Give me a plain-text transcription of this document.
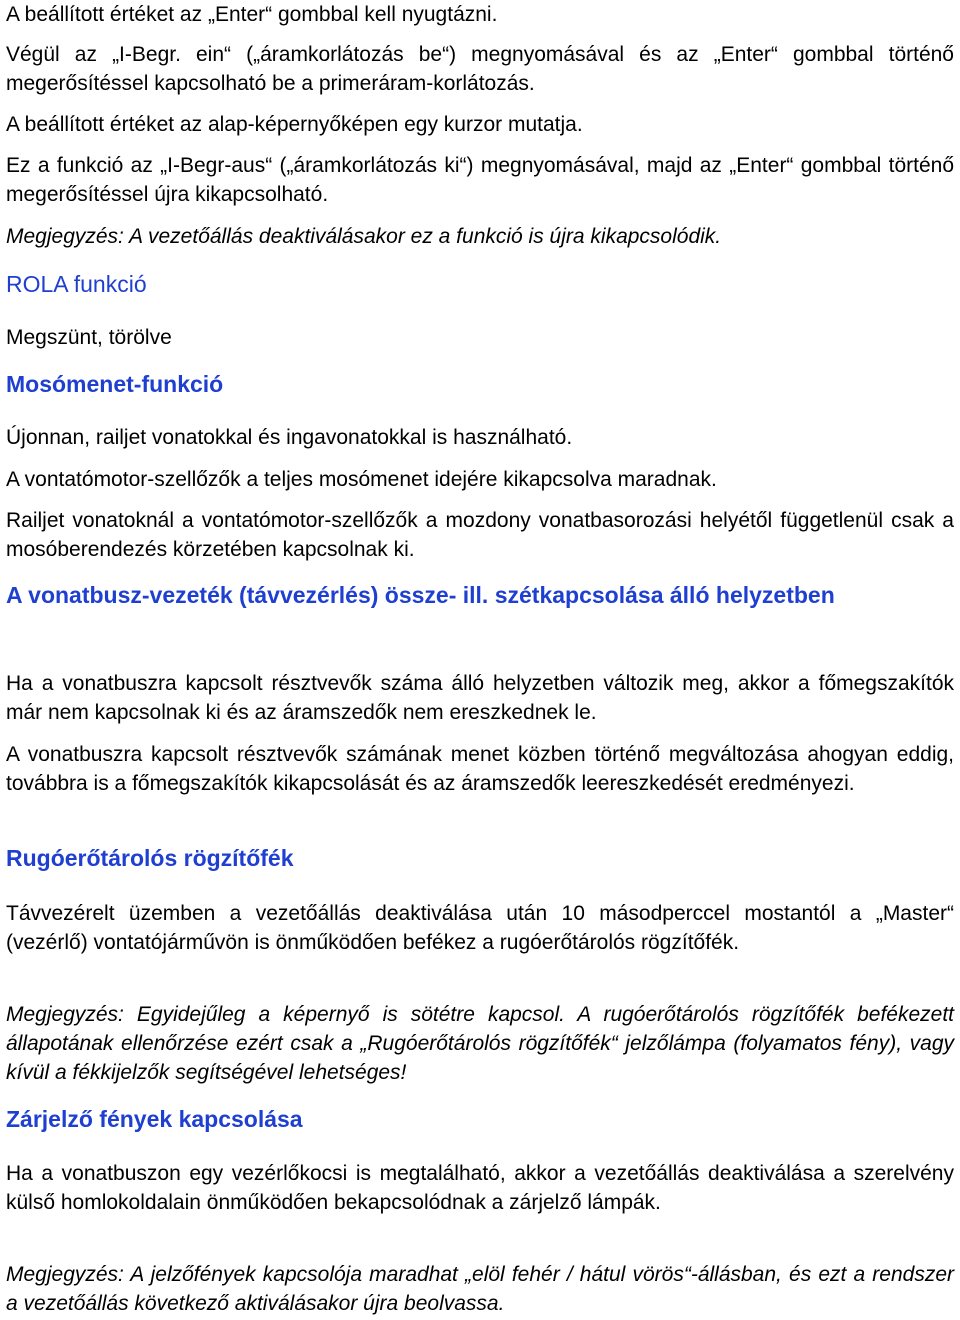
A beállított értéket az „Enter“ gombbal kell nyugtázni.

Végül az „I-Begr. ein“ („áramkorlátozás be“) megnyomásával és az „Enter“ gombbal történő megerősítéssel kapcsolható be a primeráram-korlátozás.

A beállított értéket az alap-képernyőképen egy kurzor mutatja.

Ez a funkció az „I-Begr-aus“ („áramkorlátozás ki“) megnyomásával, majd az „Enter“ gombbal történő megerősítéssel újra kikapcsolható.

Megjegyzés: A vezetőállás deaktiválásakor ez a funkció is újra kikapcsolódik.

ROLA funkció

Megszünt, törölve

Mosómenet-funkció

Újonnan, railjet vonatokkal és ingavonatokkal is használható.

A vontatómotor-szellőzők a teljes mosómenet idejére kikapcsolva maradnak.

Railjet vonatoknál a vontatómotor-szellőzők a mozdony vonatbasorozási helyétől függetlenül csak a mosóberendezés körzetében kapcsolnak ki.

A vonatbusz-vezeték (távvezérlés) össze- ill. szétkapcsolása álló helyzetben

Ha a vonatbuszra kapcsolt résztvevők száma álló helyzetben változik meg, akkor a főmegszakítók már nem kapcsolnak ki és az áramszedők nem ereszkednek le.

A vonatbuszra kapcsolt résztvevők számának menet közben történő megváltozása ahogyan eddig, továbbra is a főmegszakítók kikapcsolását és az áramszedők leereszkedését eredményezi.

Rugóerőtárolós rögzítőfék

Távvezérelt üzemben a vezetőállás deaktiválása után 10 másodperccel mostantól a „Master“ (vezérlő) vontatójárművön is önműködően befékez a rugóerőtárolós rögzítőfék.

Megjegyzés: Egyidejűleg a képernyő is sötétre kapcsol. A rugóerőtárolós rögzítőfék befékezett állapotának ellenőrzése ezért csak a „Rugóerőtárolós rögzítőfék“ jelzőlámpa (folyamatos fény), vagy kívül a fékkijelzők segítségével lehetséges!

Zárjelző fények kapcsolása

Ha a vonatbuszon egy vezérlőkocsi is megtalálható, akkor a vezetőállás deaktiválása a szerelvény külső homlokoldalain önműködően bekapcsolódnak a zárjelző lámpák.

Megjegyzés: A jelzőfények kapcsolója maradhat „elöl fehér / hátul vörös“-állásban, és ezt a rendszer a vezetőállás következő aktiválásakor újra beolvassa.
